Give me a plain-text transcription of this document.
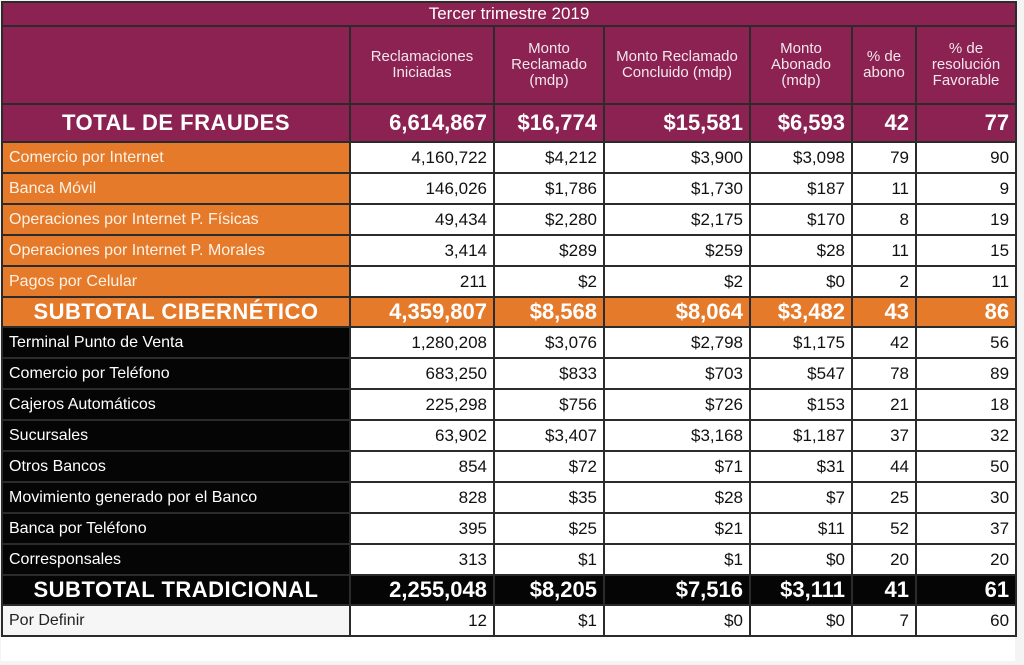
Tercer trimestre 2019						
	Reclamaciones Iniciadas	Monto Reclamado (mdp)	Monto Reclamado Concluido (mdp)	Monto Abonado (mdp)	% de abono	% de resolución Favorable
TOTAL DE FRAUDES	6,614,867	$16,774	$15,581	$6,593	42	77
Comercio por Internet	4,160,722	$4,212	$3,900	$3,098	79	90
Banca Móvil	146,026	$1,786	$1,730	$187	11	9
Operaciones por Internet P. Físicas	49,434	$2,280	$2,175	$170	8	19
Operaciones por Internet P. Morales	3,414	$289	$259	$28	11	15
Pagos por Celular	211	$2	$2	$0	2	11
SUBTOTAL CIBERNÉTICO	4,359,807	$8,568	$8,064	$3,482	43	86
Terminal Punto de Venta	1,280,208	$3,076	$2,798	$1,175	42	56
Comercio por Teléfono	683,250	$833	$703	$547	78	89
Cajeros Automáticos	225,298	$756	$726	$153	21	18
Sucursales	63,902	$3,407	$3,168	$1,187	37	32
Otros Bancos	854	$72	$71	$31	44	50
Movimiento generado por el Banco	828	$35	$28	$7	25	30
Banca por Teléfono	395	$25	$21	$11	52	37
Corresponsales	313	$1	$1	$0	20	20
SUBTOTAL TRADICIONAL	2,255,048	$8,205	$7,516	$3,111	41	61
Por Definir	12	$1	$0	$0	7	60
